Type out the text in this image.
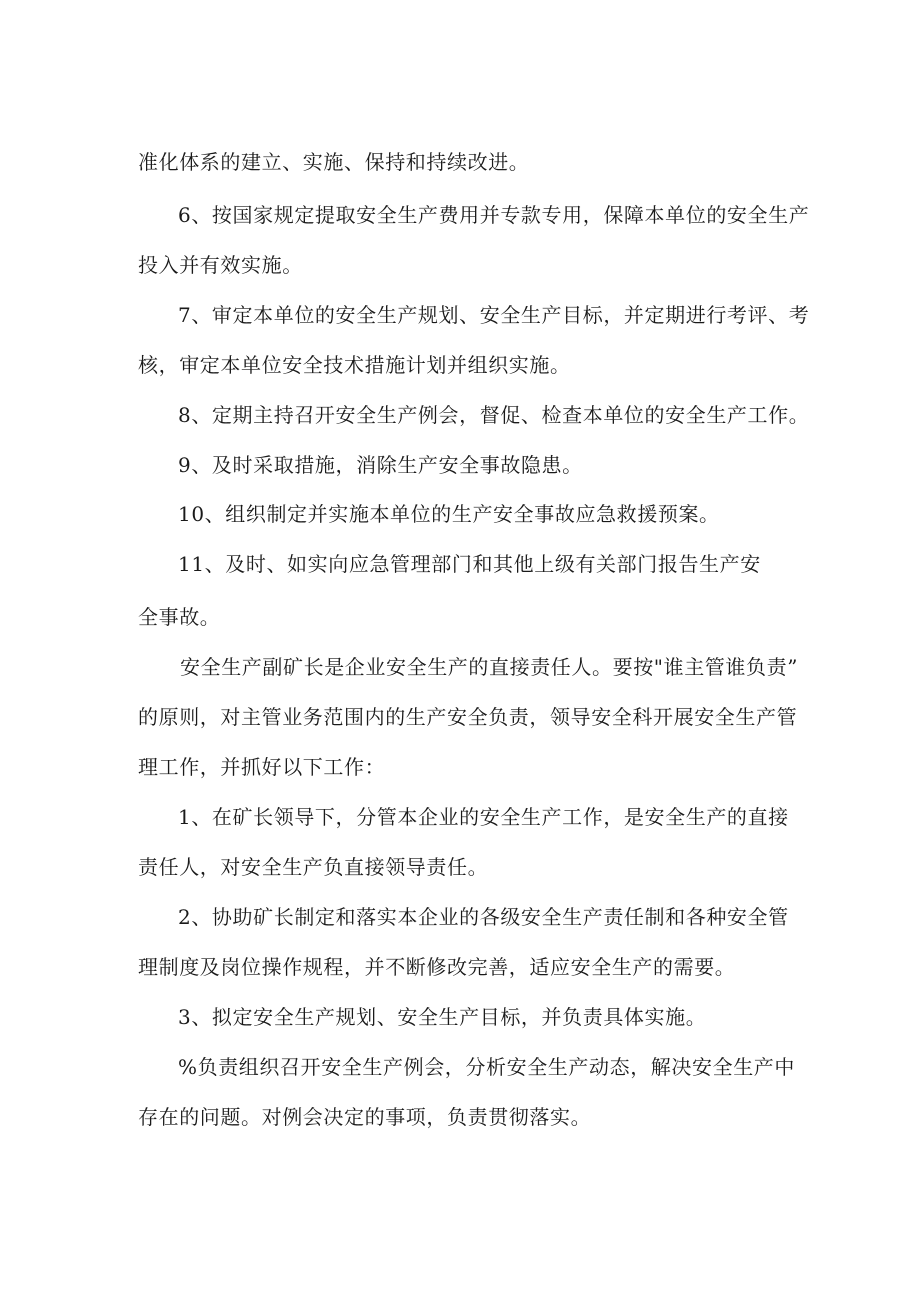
准化体系的建立、实施、保持和持续改进。
6、按国家规定提取安全生产费用并专款专用，保障本单位的安全生产
投入并有效实施。
7、审定本单位的安全生产规划、安全生产目标，并定期进行考评、考
核，审定本单位安全技术措施计划并组织实施。
8、定期主持召开安全生产例会，督促、检查本单位的安全生产工作。
9、及时采取措施，消除生产安全事故隐患。
10、组织制定并实施本单位的生产安全事故应急救援预案。
11、及时、如实向应急管理部门和其他上级有关部门报告生产安
全事故。
安全生产副矿长是企业安全生产的直接责任人。要按"谁主管谁负责”
的原则，对主管业务范围内的生产安全负责，领导安全科开展安全生产管
理工作，并抓好以下工作：
1、在矿长领导下，分管本企业的安全生产工作，是安全生产的直接
责任人，对安全生产负直接领导责任。
2、协助矿长制定和落实本企业的各级安全生产责任制和各种安全管
理制度及岗位操作规程，并不断修改完善，适应安全生产的需要。
3、拟定安全生产规划、安全生产目标，并负责具体实施。
%负责组织召开安全生产例会，分析安全生产动态，解决安全生产中
存在的问题。对例会决定的事项，负责贯彻落实。
